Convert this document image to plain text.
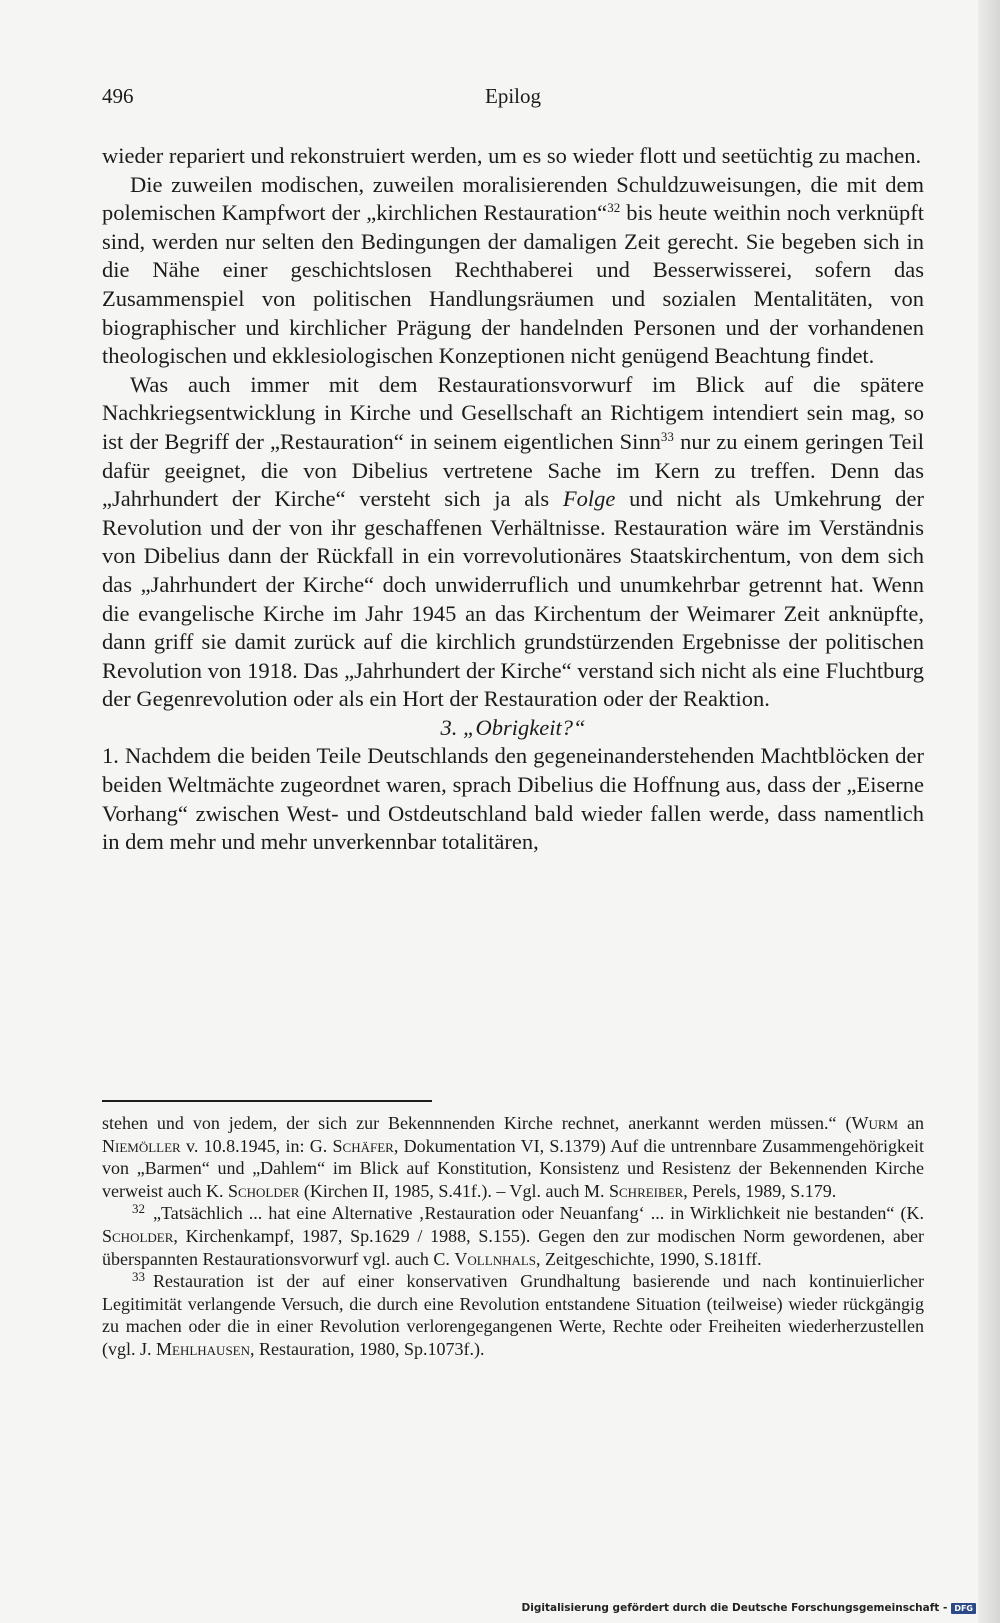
496	Epilog

wieder repariert und rekonstruiert werden, um es so wieder flott und seetüchtig zu machen.

Die zuweilen modischen, zuweilen moralisierenden Schuldzuweisungen, die mit dem polemischen Kampfwort der „kirchlichen Restauration“$^{32}$ bis heute weithin noch verknüpft sind, werden nur selten den Bedingungen der damaligen Zeit gerecht. Sie begeben sich in die Nähe einer geschichtslosen Rechthaberei und Besserwisserei, sofern das Zusammenspiel von politischen Handlungsräumen und sozialen Mentalitäten, von biographischer und kirchlicher Prägung der handelnden Personen und der vorhandenen theologischen und ekklesiologischen Konzeptionen nicht genügend Beachtung findet.

Was auch immer mit dem Restaurationsvorwurf im Blick auf die spätere Nachkriegsentwicklung in Kirche und Gesellschaft an Richtigem intendiert sein mag, so ist der Begriff der „Restauration“ in seinem eigentlichen Sinn$^{33}$ nur zu einem geringen Teil dafür geeignet, die von Dibelius vertretene Sache im Kern zu treffen. Denn das „Jahrhundert der Kirche“ versteht sich ja als Folge und nicht als Umkehrung der Revolution und der von ihr geschaffenen Verhältnisse. Restauration wäre im Verständnis von Dibelius dann der Rückfall in ein vorrevolutionäres Staatskirchentum, von dem sich das „Jahrhundert der Kirche“ doch unwiderruflich und unumkehrbar getrennt hat. Wenn die evangelische Kirche im Jahr 1945 an das Kirchentum der Weimarer Zeit anknüpfte, dann griff sie damit zurück auf die kirchlich grundstürzenden Ergebnisse der politischen Revolution von 1918. Das „Jahrhundert der Kirche“ verstand sich nicht als eine Fluchtburg der Gegenrevolution oder als ein Hort der Restauration oder der Reaktion.

3. „Obrigkeit?“

1. Nachdem die beiden Teile Deutschlands den gegeneinanderstehenden Machtblöcken der beiden Weltmächte zugeordnet waren, sprach Dibelius die Hoffnung aus, dass der „Eiserne Vorhang“ zwischen West- und Ostdeutschland bald wieder fallen werde, dass namentlich in dem mehr und mehr unverkennbar totalitären,

stehen und von jedem, der sich zur Bekennnenden Kirche rechnet, anerkannt werden müssen.“ (Wurm an Niemöller v. 10.8.1945, in: G. Schäfer, Dokumentation VI, S.1379) Auf die untrennbare Zusammengehörigkeit von „Barmen“ und „Dahlem“ im Blick auf Konstitution, Konsistenz und Resistenz der Bekennenden Kirche verweist auch K. Scholder (Kirchen II, 1985, S.41f.). – Vgl. auch M. Schreiber, Perels, 1989, S.179.

$^{32}$ „Tatsächlich ... hat eine Alternative ‚Restauration oder Neuanfang‘ ... in Wirklichkeit nie bestanden“ (K. Scholder, Kirchenkampf, 1987, Sp.1629 / 1988, S.155). Gegen den zur modischen Norm gewordenen, aber überspannten Restaurationsvorwurf vgl. auch C. Vollnhals, Zeitgeschichte, 1990, S.181ff.

$^{33}$ Restauration ist der auf einer konservativen Grundhaltung basierende und nach kontinuierlicher Legitimität verlangende Versuch, die durch eine Revolution entstandene Situation (teilweise) wieder rückgängig zu machen oder die in einer Revolution verlorengegangenen Werte, Rechte oder Freiheiten wiederherzustellen (vgl. J. Mehlhausen, Restauration, 1980, Sp.1073f.).

Digitalisierung gefördert durch die Deutsche Forschungsgemeinschaft - DFG
